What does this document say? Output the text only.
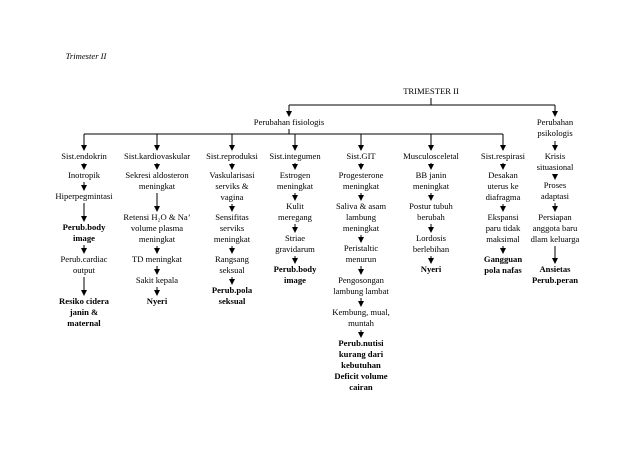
Trimester II
TRIMESTER II
Perubahan fisiologis	Perubahan
psikologis
Sist.endokrin
Inotropik
Hiperpegmintasi
Perub.body
image
Perub.cardiac
output
Resiko cidera
janin &
maternal
Sist.kardiovaskular
Sekresi aldosteron
meningkat
Retensi H₂O & Naʼ
volume plasma
meningkat
TD meningkat
Sakit kepala
Nyeri
Sist.reproduksi
Vaskularisasi
serviks &
vagina
Sensifitas
serviks
meningkat
Rangsang
seksual
Perub.pola
seksual
Sist.integumen
Estrogen
meningkat
Kulit
meregang
Striae
gravidarum
Perub.body
image
Sist.GIT
Progesterone
meningkat
Saliva & asam
lambung
meningkat
Peristaltic
menurun
Pengosongan
lambung lambat
Kembung, mual,
muntah
Perub.nutisi
kurang dari
kebutuhan
Deficit volume
cairan
Musculosceletal
BB janin
meningkat
Postur tubuh
berubah
Lordosis
berlebihan
Nyeri
Sist.respirasi
Desakan
uterus ke
diafragma
Ekspansi
paru tidak
maksimal
Gangguan
pola nafas
Krisis
situasional
Proses
adaptasi
Persiapan
anggota baru
dlam keluarga
Ansietas
Perub.peran
